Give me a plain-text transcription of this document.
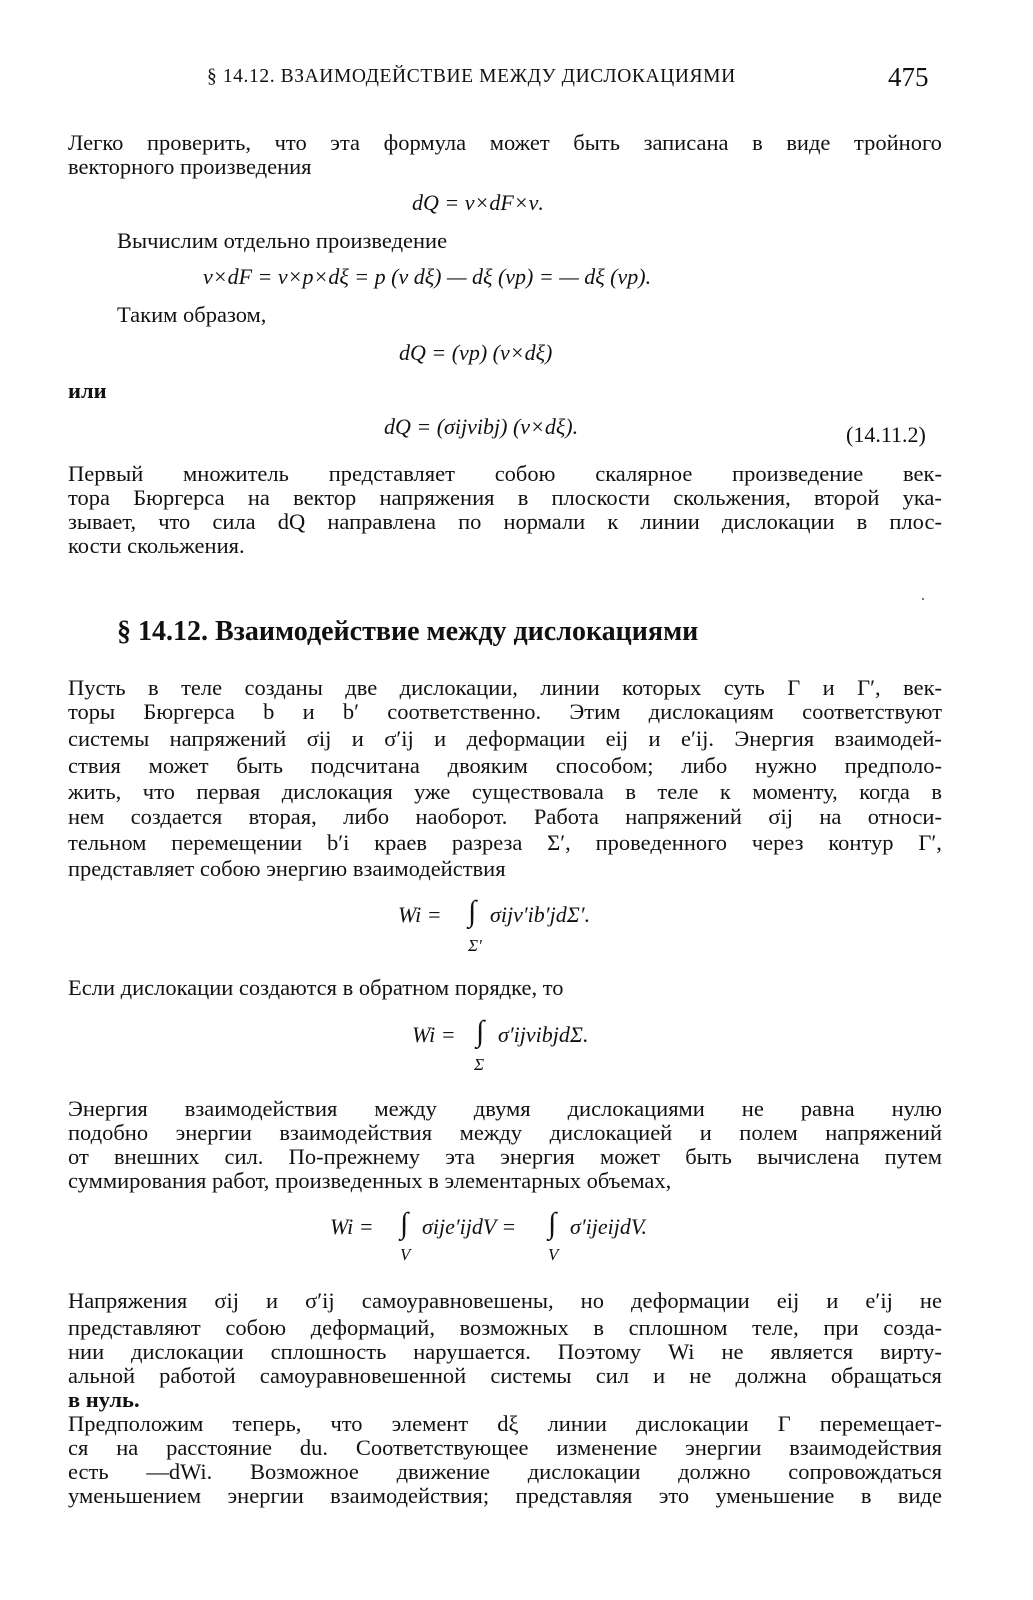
§ 14.12. ВЗАИМОДЕЙСТВИЕ МЕЖДУ ДИСЛОКАЦИЯМИ	475
Легко проверить, что эта формула может быть записана в виде тройного
векторного произведения
dQ = ν×dF×ν.
Вычислим отдельно произведение
ν×dF = ν×p×dξ = p (ν dξ) — dξ (νp) = — dξ (νp).
Таким образом,
dQ = (νp) (ν×dξ)
или
dQ = (σijνibj) (ν×dξ).	(14.11.2)
Первый множитель представляет собою скалярное произведение век-
тора Бюргерса на вектор напряжения в плоскости скольжения, второй ука-
зывает, что сила dQ направлена по нормали к линии дислокации в плос-
кости скольжения.
§ 14.12. Взаимодействие между дислокациями
Пусть в теле созданы две дислокации, линии которых суть Г и Г′, век-
торы Бюргерса b и b′ соответственно. Этим дислокациям соответствуют
системы напряжений σij и σ′ij и деформации eij и e′ij. Энергия взаимодей-
ствия может быть подсчитана двояким способом; либо нужно предполо-
жить, что первая дислокация уже существовала в теле к моменту, когда в
нем создается вторая, либо наоборот. Работа напряжений σij на относи-
тельном перемещении b′i краев разреза Σ′, проведенного через контур Г′,
представляет собою энергию взаимодействия
Wi = ∫ σijν′ib′jdΣ′.
Σ′
Если дислокации создаются в обратном порядке, то
Wi = ∫ σ′ijνibjdΣ.
Σ
Энергия взаимодействия между двумя дислокациями не равна нулю
подобно энергии взаимодействия между дислокацией и полем напряжений
от внешних сил. По-прежнему эта энергия может быть вычислена путем
суммирования работ, произведенных в элементарных объемах,
Wi = ∫ σije′ijdV =
V
∫ σ′ijeijdV.
V
Напряжения σij и σ′ij самоуравновешены, но деформации eij и e′ij не
представляют собою деформаций, возможных в сплошном теле, при созда-
нии дислокации сплошность нарушается. Поэтому Wi не является вирту-
альной работой самоуравновешенной системы сил и не должна обращаться
в нуль.
Предположим теперь, что элемент dξ линии дислокации Г перемещает-
ся на расстояние du. Соответствующее изменение энергии взаимодействия
есть —dWi. Возможное движение дислокации должно сопровождаться
уменьшением энергии взаимодействия; представляя это уменьшение в виде
